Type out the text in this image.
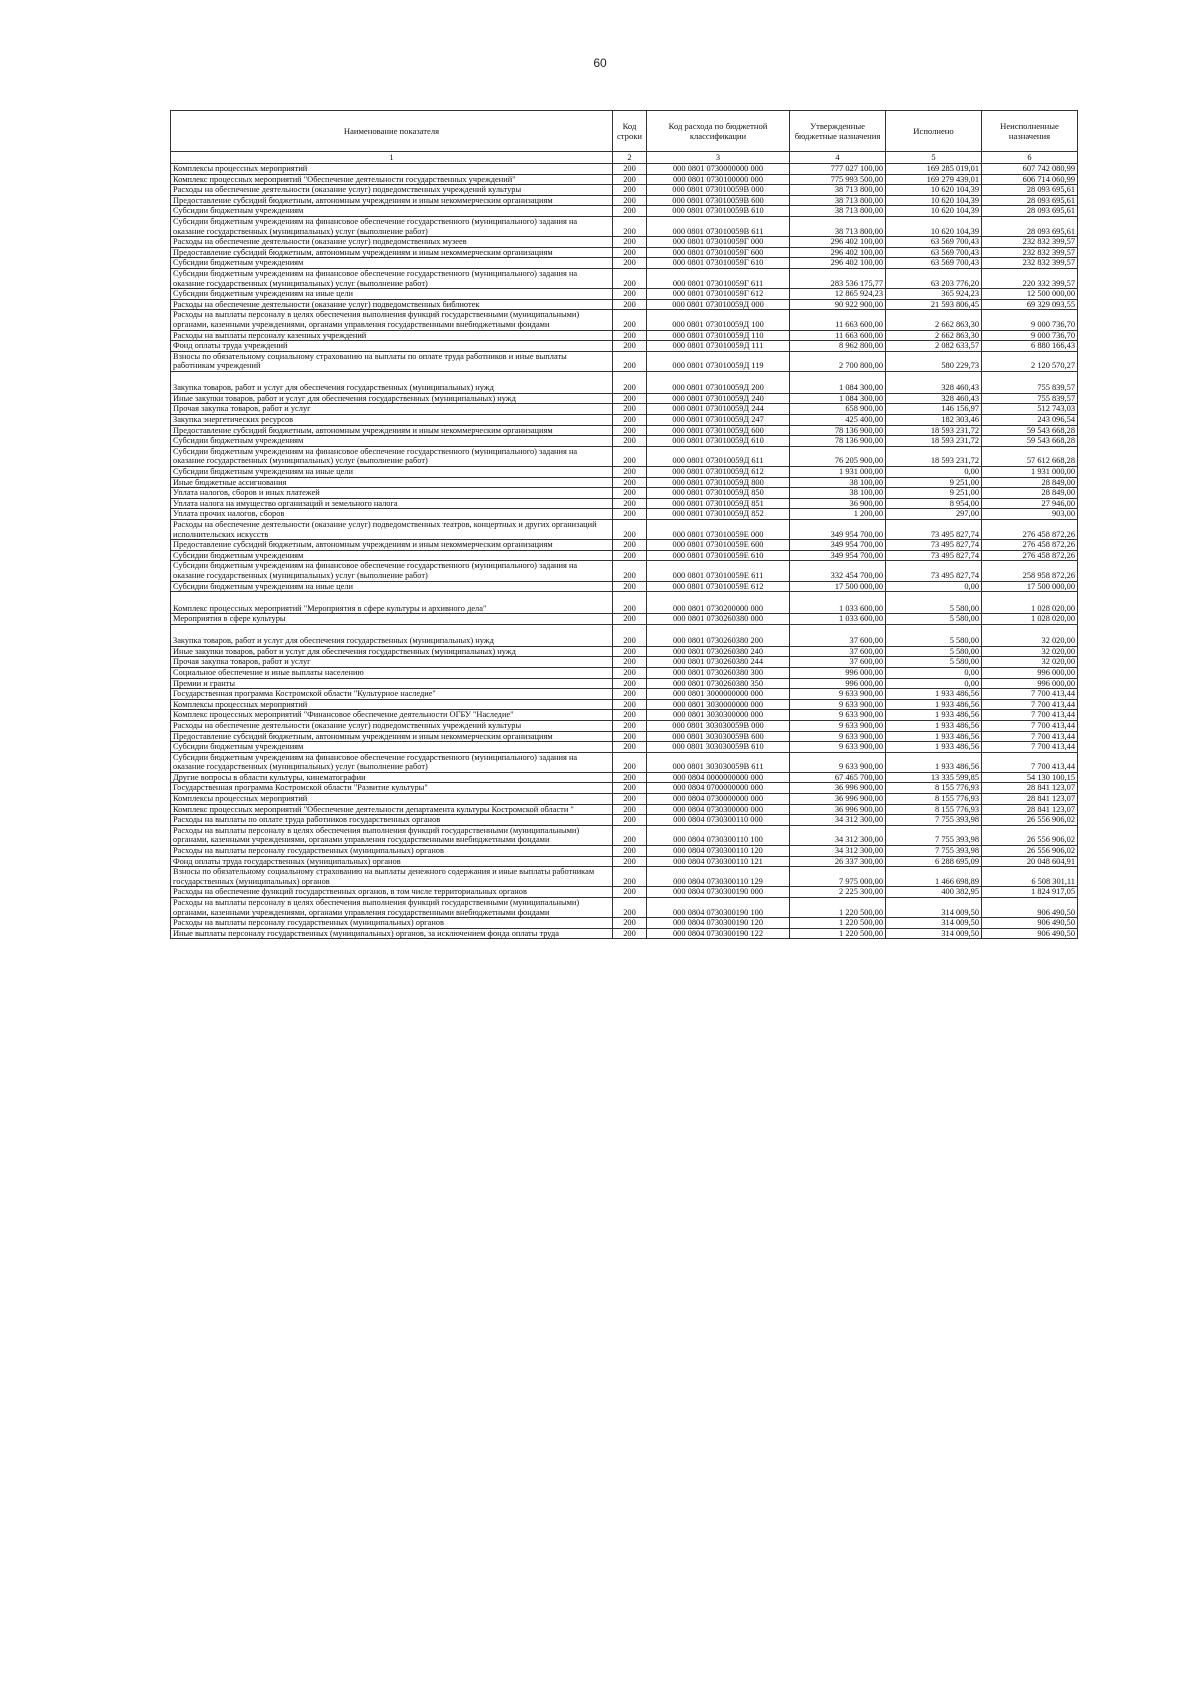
60
Наименование показателя	Код строки	Код расхода по бюджетной классификации	Утвержденные бюджетные назначения	Исполнено	Неисполненные назначения
1	2	3	4	5	6
Комплексы процессных мероприятий	200	000 0801 0730000000 000	777 027 100,00	169 285 019,01	607 742 080,99
Комплекс процессных мероприятий "Обеспечение деятельности государственных учреждений"	200	000 0801 0730100000 000	775 993 500,00	169 279 439,01	606 714 060,99
Расходы на обеспечение деятельности (оказание услуг) подведомственных учреждений культуры	200	000 0801 073010059В 000	38 713 800,00	10 620 104,39	28 093 695,61
Предоставление субсидий бюджетным, автономным учреждениям и иным некоммерческим организациям	200	000 0801 073010059В 600	38 713 800,00	10 620 104,39	28 093 695,61
Субсидии бюджетным учреждениям	200	000 0801 073010059В 610	38 713 800,00	10 620 104,39	28 093 695,61
Субсидии бюджетным учреждениям на финансовое обеспечение государственного (муниципального) задания на оказание государственных (муниципальных) услуг (выполнение работ)	200	000 0801 073010059В 611	38 713 800,00	10 620 104,39	28 093 695,61
Расходы на обеспечение деятельности (оказание услуг) подведомственных музеев	200	000 0801 073010059Г 000	296 402 100,00	63 569 700,43	232 832 399,57
Предоставление субсидий бюджетным, автономным учреждениям и иным некоммерческим организациям	200	000 0801 073010059Г 600	296 402 100,00	63 569 700,43	232 832 399,57
Субсидии бюджетным учреждениям	200	000 0801 073010059Г 610	296 402 100,00	63 569 700,43	232 832 399,57
Субсидии бюджетным учреждениям на финансовое обеспечение государственного (муниципального) задания на оказание государственных (муниципальных) услуг (выполнение работ)	200	000 0801 073010059Г 611	283 536 175,77	63 203 776,20	220 332 399,57
Субсидии бюджетным учреждениям на иные цели	200	000 0801 073010059Г 612	12 865 924,23	365 924,23	12 500 000,00
Расходы на обеспечение деятельности (оказание услуг) подведомственных библиотек	200	000 0801 073010059Д 000	90 922 900,00	21 593 806,45	69 329 093,55
Расходы на выплаты персоналу в целях обеспечения выполнения функций государственными (муниципальными) органами, казенными учреждениями, органами управления государственными внебюджетными фондами	200	000 0801 073010059Д 100	11 663 600,00	2 662 863,30	9 000 736,70
Расходы на выплаты персоналу казенных учреждений	200	000 0801 073010059Д 110	11 663 600,00	2 662 863,30	9 000 736,70
Фонд оплаты труда учреждений	200	000 0801 073010059Д 111	8 962 800,00	2 082 633,57	6 880 166,43
Взносы по обязательному социальному страхованию на выплаты по оплате труда работников и иные выплаты работникам учреждений	200	000 0801 073010059Д 119	2 700 800,00	580 229,73	2 120 570,27
Закупка товаров, работ и услуг для обеспечения государственных (муниципальных) нужд	200	000 0801 073010059Д 200	1 084 300,00	328 460,43	755 839,57
Иные закупки товаров, работ и услуг для обеспечения государственных (муниципальных) нужд	200	000 0801 073010059Д 240	1 084 300,00	328 460,43	755 839,57
Прочая закупка товаров, работ и услуг	200	000 0801 073010059Д 244	658 900,00	146 156,97	512 743,03
Закупка энергетических ресурсов	200	000 0801 073010059Д 247	425 400,00	182 303,46	243 096,54
Предоставление субсидий бюджетным, автономным учреждениям и иным некоммерческим организациям	200	000 0801 073010059Д 600	78 136 900,00	18 593 231,72	59 543 668,28
Субсидии бюджетным учреждениям	200	000 0801 073010059Д 610	78 136 900,00	18 593 231,72	59 543 668,28
Субсидии бюджетным учреждениям на финансовое обеспечение государственного (муниципального) задания на оказание государственных (муниципальных) услуг (выполнение работ)	200	000 0801 073010059Д 611	76 205 900,00	18 593 231,72	57 612 668,28
Субсидии бюджетным учреждениям на иные цели	200	000 0801 073010059Д 612	1 931 000,00	0,00	1 931 000,00
Иные бюджетные ассигнования	200	000 0801 073010059Д 800	38 100,00	9 251,00	28 849,00
Уплата налогов, сборов и иных платежей	200	000 0801 073010059Д 850	38 100,00	9 251,00	28 849,00
Уплата налога на имущество организаций и земельного налога	200	000 0801 073010059Д 851	36 900,00	8 954,00	27 946,00
Уплата прочих налогов, сборов	200	000 0801 073010059Д 852	1 200,00	297,00	903,00
Расходы на обеспечение деятельности (оказание услуг) подведомственных театров, концертных и других организаций исполнительских искусств	200	000 0801 073010059Е 000	349 954 700,00	73 495 827,74	276 458 872,26
Предоставление субсидий бюджетным, автономным учреждениям и иным некоммерческим организациям	200	000 0801 073010059Е 600	349 954 700,00	73 495 827,74	276 458 872,26
Субсидии бюджетным учреждениям	200	000 0801 073010059Е 610	349 954 700,00	73 495 827,74	276 458 872,26
Субсидии бюджетным учреждениям на финансовое обеспечение государственного (муниципального) задания на оказание государственных (муниципальных) услуг (выполнение работ)	200	000 0801 073010059Е 611	332 454 700,00	73 495 827,74	258 958 872,26
Субсидии бюджетным учреждениям на иные цели	200	000 0801 073010059Е 612	17 500 000,00	0,00	17 500 000,00
Комплекс процессных мероприятий "Мероприятия в сфере культуры и архивного дела"	200	000 0801 0730200000 000	1 033 600,00	5 580,00	1 028 020,00
Мероприятия в сфере культуры	200	000 0801 0730260380 000	1 033 600,00	5 580,00	1 028 020,00
Закупка товаров, работ и услуг для обеспечения государственных (муниципальных) нужд	200	000 0801 0730260380 200	37 600,00	5 580,00	32 020,00
Иные закупки товаров, работ и услуг для обеспечения государственных (муниципальных) нужд	200	000 0801 0730260380 240	37 600,00	5 580,00	32 020,00
Прочая закупка товаров, работ и услуг	200	000 0801 0730260380 244	37 600,00	5 580,00	32 020,00
Социальное обеспечение и иные выплаты населению	200	000 0801 0730260380 300	996 000,00	0,00	996 000,00
Премии и гранты	200	000 0801 0730260380 350	996 000,00	0,00	996 000,00
Государственная программа Костромской области "Культурное наследие"	200	000 0801 3000000000 000	9 633 900,00	1 933 486,56	7 700 413,44
Комплексы процессных мероприятий	200	000 0801 3030000000 000	9 633 900,00	1 933 486,56	7 700 413,44
Комплекс процессных мероприятий "Финансовое обеспечение деятельности ОГБУ "Наследие"	200	000 0801 3030300000 000	9 633 900,00	1 933 486,56	7 700 413,44
Расходы на обеспечение деятельности (оказание услуг) подведомственных учреждений культуры	200	000 0801 303030059В 000	9 633 900,00	1 933 486,56	7 700 413,44
Предоставление субсидий бюджетным, автономным учреждениям и иным некоммерческим организациям	200	000 0801 303030059В 600	9 633 900,00	1 933 486,56	7 700 413,44
Субсидии бюджетным учреждениям	200	000 0801 303030059В 610	9 633 900,00	1 933 486,56	7 700 413,44
Субсидии бюджетным учреждениям на финансовое обеспечение государственного (муниципального) задания на оказание государственных (муниципальных) услуг (выполнение работ)	200	000 0801 303030059В 611	9 633 900,00	1 933 486,56	7 700 413,44
Другие вопросы в области культуры, кинематографии	200	000 0804 0000000000 000	67 465 700,00	13 335 599,85	54 130 100,15
Государственная программа Костромской области "Развитие культуры"	200	000 0804 0700000000 000	36 996 900,00	8 155 776,93	28 841 123,07
Комплексы процессных мероприятий	200	000 0804 0730000000 000	36 996 900,00	8 155 776,93	28 841 123,07
Комплекс процессных мероприятий "Обеспечение деятельности департамента культуры Костромской области "	200	000 0804 0730300000 000	36 996 900,00	8 155 776,93	28 841 123,07
Расходы на выплаты по оплате труда работников государственных органов	200	000 0804 0730300110 000	34 312 300,00	7 755 393,98	26 556 906,02
Расходы на выплаты персоналу в целях обеспечения выполнения функций государственными (муниципальными) органами, казенными учреждениями, органами управления государственными внебюджетными фондами	200	000 0804 0730300110 100	34 312 300,00	7 755 393,98	26 556 906,02
Расходы на выплаты персоналу государственных (муниципальных) органов	200	000 0804 0730300110 120	34 312 300,00	7 755 393,98	26 556 906,02
Фонд оплаты труда государственных (муниципальных) органов	200	000 0804 0730300110 121	26 337 300,00	6 288 695,09	20 048 604,91
Взносы по обязательному социальному страхованию на выплаты денежного содержания и иные выплаты работникам государственных (муниципальных) органов	200	000 0804 0730300110 129	7 975 000,00	1 466 698,89	6 508 301,11
Расходы на обеспечение функций государственных органов, в том числе территориальных органов	200	000 0804 0730300190 000	2 225 300,00	400 382,95	1 824 917,05
Расходы на выплаты персоналу в целях обеспечения выполнения функций государственными (муниципальными) органами, казенными учреждениями, органами управления государственными внебюджетными фондами	200	000 0804 0730300190 100	1 220 500,00	314 009,50	906 490,50
Расходы на выплаты персоналу государственных (муниципальных) органов	200	000 0804 0730300190 120	1 220 500,00	314 009,50	906 490,50
Иные выплаты персоналу государственных (муниципальных) органов, за исключением фонда оплаты труда	200	000 0804 0730300190 122	1 220 500,00	314 009,50	906 490,50
